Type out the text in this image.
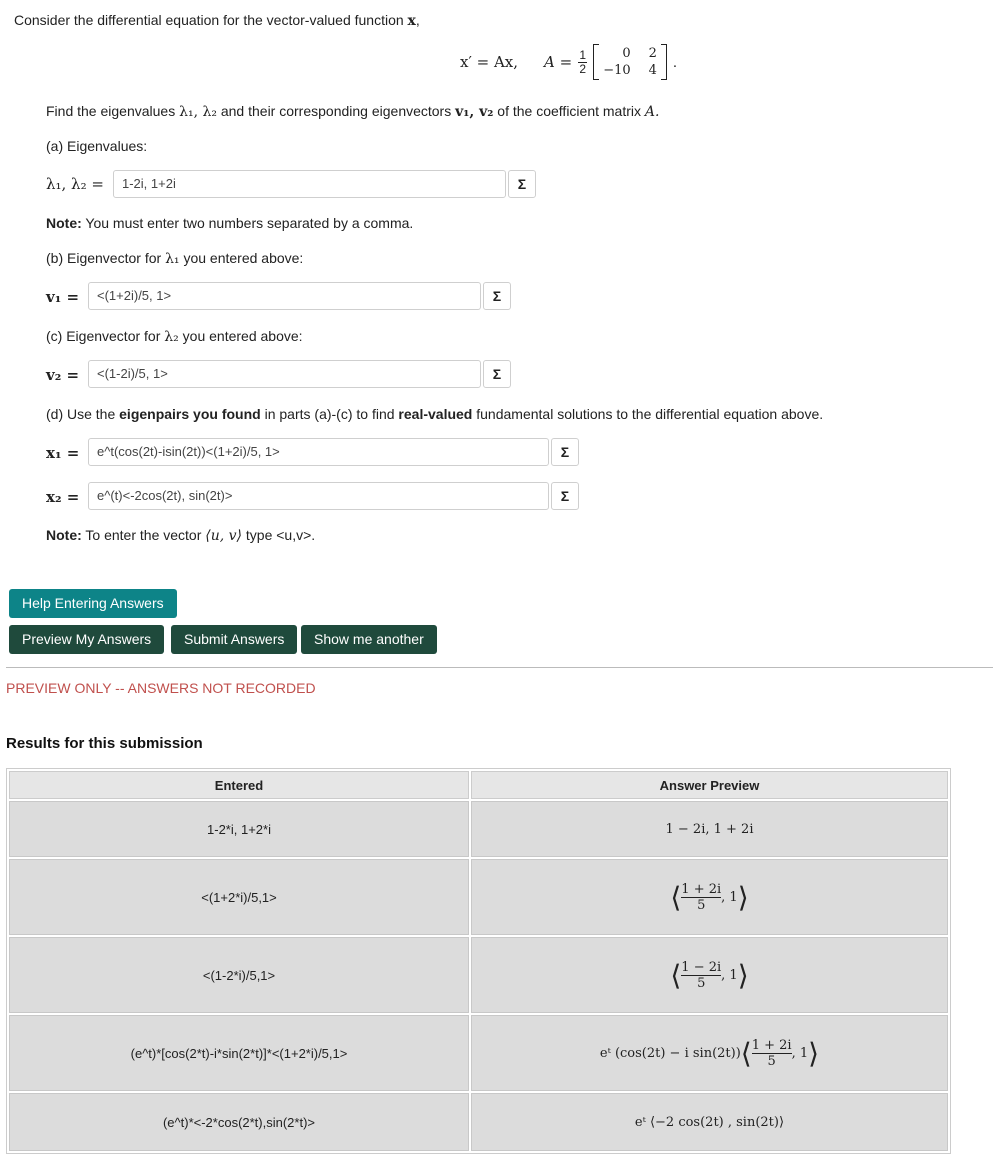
Consider the differential equation for the vector-valued function x,
x′ = Ax, $A = \frac{1}{2}$	0 2
−10 4 .
Find the eigenvalues λ₁, λ₂ and their corresponding eigenvectors v₁, v₂ of the coefficient matrix A.
(a) Eigenvalues:
λ₁, λ₂ =	1-2i, 1+2i	Σ
Note: You must enter two numbers separated by a comma.
(b) Eigenvector for λ₁ you entered above:
v₁ =	<(1+2i)/5, 1>	Σ
(c) Eigenvector for λ₂ you entered above:
v₂ =	<(1-2i)/5, 1>	Σ
(d) Use the eigenpairs you found in parts (a)-(c) to find real-valued fundamental solutions to the differential equation above.
x₁ =	e^t(cos(2t)-isin(2t))<(1+2i)/5, 1>	Σ
x₂ =	e^(t)<-2cos(2t), sin(2t)>	Σ
Note: To enter the vector ⟨u, v⟩ type <u,v>.
Help Entering Answers
Preview My Answers	Submit Answers	Show me another
PREVIEW ONLY -- ANSWERS NOT RECORDED
Results for this submission
Entered	Answer Preview
1-2*i, 1+2*i	1 − 2i, 1 + 2i
<(1+2*i)/5,1>	⟨ $\frac{1 + 2i}{5}$ , 1⟩
<(1-2*i)/5,1>	⟨ $\frac{1 - 2i}{5}$ , 1⟩
(e^t)*[cos(2*t)-i*sin(2*t)]*<(1+2*i)/5,1>	eᵗ (cos(2t) − i sin(2t))⟨ $\frac{1 + 2i}{5}$ , 1⟩
(e^t)*<-2*cos(2*t),sin(2*t)>	eᵗ ⟨−2 cos(2t) , sin(2t)⟩
